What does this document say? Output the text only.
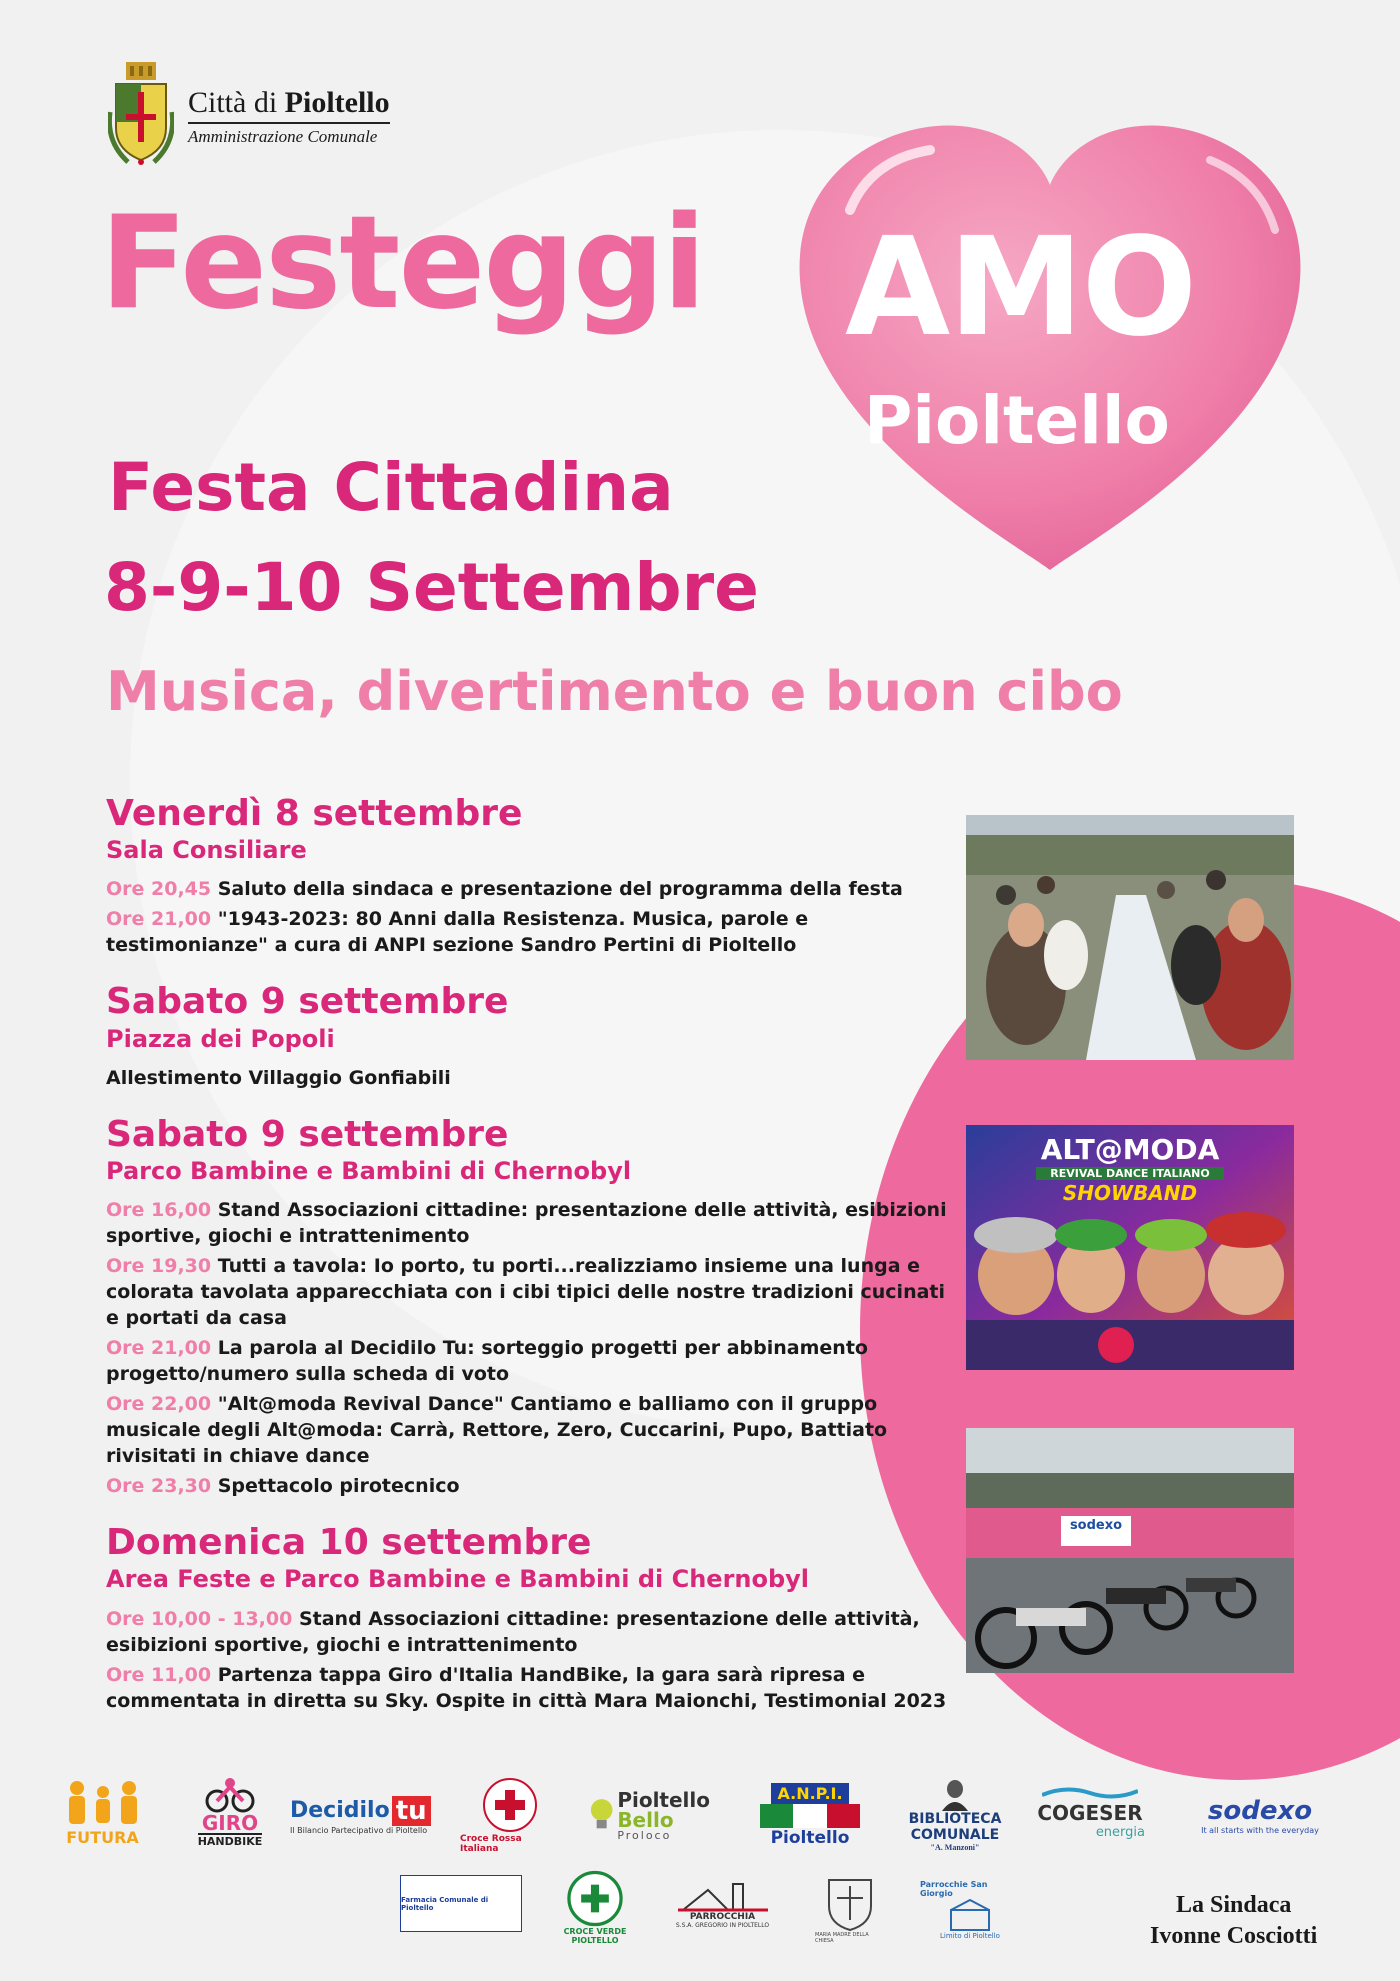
Città di Pioltello
Amministrazione Comunale
Festeggi AMO
Pioltello
Festa Cittadina
8-9-10 Settembre
Musica, divertimento e buon cibo
Venerdì 8 settembre
Sala Consiliare
Ore 20,45 Saluto della sindaca e presentazione del programma della festa
Ore 21,00 "1943-2023: 80 Anni dalla Resistenza. Musica, parole e testimonianze" a cura di ANPI sezione Sandro Pertini di Pioltello
Sabato 9 settembre
Piazza dei Popoli
Allestimento Villaggio Gonfiabili
Sabato 9 settembre
Parco Bambine e Bambini di Chernobyl
Ore 16,00 Stand Associazioni cittadine: presentazione delle attività, esibizioni sportive, giochi e intrattenimento
Ore 19,30 Tutti a tavola: Io porto, tu porti...realizziamo insieme una lunga e colorata tavolata apparecchiata con i cibi tipici delle nostre tradizioni cucinati e portati da casa
Ore 21,00 La parola al Decidilo Tu: sorteggio progetti per abbinamento progetto/numero sulla scheda di voto
Ore 22,00 "Alt@moda Revival Dance" Cantiamo e balliamo con il gruppo musicale degli Alt@moda: Carrà, Rettore, Zero, Cuccarini, Pupo, Battiato rivisitati in chiave dance
Ore 23,30 Spettacolo pirotecnico
Domenica 10 settembre
Area Feste e Parco Bambine e Bambini di Chernobyl
Ore 10,00 - 13,00 Stand Associazioni cittadine: presentazione delle attività, esibizioni sportive, giochi e intrattenimento
Ore 11,00 Partenza tappa Giro d'Italia HandBike, la gara sarà ripresa e commentata in diretta su Sky. Ospite in città Mara Maionchi, Testimonial 2023
ALT@MODA
REVIVAL DANCE ITALIANO
SHOWBAND
sodexo
FUTURA
GIRO
HANDBIKE
Decidilo tu
Il Bilancio Partecipativo di Pioltello
Croce Rossa Italiana
Pioltello
Bello
Proloco
A.N.P.I.
Pioltello
BIBLIOTECA
COMUNALE
"A. Manzoni"
COGESER
energia
sodexo
It all starts with the everyday
Farmacia Comunale di Pioltello
CROCE VERDE
PIOLTELLO
PARROCCHIA
S.S.A. GREGORIO IN PIOLTELLO
MARIA MADRE DELLA CHIESA
Parrocchie San Giorgio
Limito di Pioltello
La Sindaca
Ivonne Cosciotti
